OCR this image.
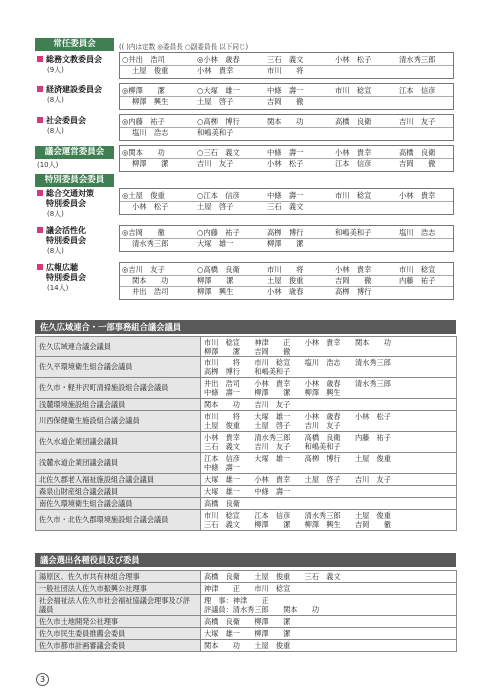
常任委員会	(( )内は定数 ◎委員長 ○副委員長 以下同じ)
総務文教委員会
(9人)
○井出　浩司	◎小林　歳春	三石　義文	小林　松子	清水秀三郎
土屋　俊重	小林　貴幸	市川　　将
経済建設委員会
(8人)
◎柳澤　　潔	○大塚　雄一	中條　壽一	市川　稔宣	江本　信彦
柳澤　興生	土屋　啓子	吉岡　　徹
社会委員会
(8人)
◎内藤　祐子	○高栁　博行	関本　　功	高橋　良衛	吉川　友子
塩川　浩志	和嶋美和子
議会運営委員会
(10人)
◎関本　　功	○三石　義文	中條　壽一	小林　貴幸	高橋　良衛
柳澤　　潔	吉川　友子	小林　松子	江本　信彦	吉岡　　徹
特別委員会委員
総合交通対策
特別委員会
(8人)
◎土屋　俊重	○江本　信彦	中條　壽一	市川　稔宣	小林　貴幸
小林　松子	土屋　啓子	三石　義文
議会活性化
特別委員会
(8人)
◎吉岡　　徹	○内藤　祐子	高栁　博行	和嶋美和子	塩川　浩志
清水秀三郎	大塚　雄一	柳澤　　潔
広報広聴
特別委員会
(14人)
◎吉川　友子	○高橋　良衛	市川　　将	小林　貴幸	市川　稔宣
関本　　功	柳澤　　潔	土屋　俊重	吉岡　　徹	内藤　祐子
井出　浩司	柳澤　興生	小林　歳春	高栁　博行
佐久広域連合・一部事務組合議会議員
佐久広域連合議会議員	市川　稔宣　　神津　　正　　小林　貴幸　　関本　　功
柳澤　　潔　　吉岡　　徹

佐久平環境衛生組合議会議員	市川　　将　　市川　稔宣　　塩川　浩志　　清水秀三郎
高栁　博行　　和嶋美和子

佐久市・軽井沢町清掃施設組合議会議員	井出　浩司　　小林　貴幸　　小林　歳春　　清水秀三郎
中條　壽一　　柳澤　　潔　　柳澤　興生

浅麓環境施設組合議会議員	関本　　功　　吉川　友子

川西保健衛生施設組合議会議員	市川　　将　　大塚　雄一　　小林　歳春　　小林　松子
土屋　俊重　　土屋　啓子　　吉川　友子

佐久水道企業団議会議員	小林　貴幸　　清水秀三郎　　高橋　良衛　　内藤　祐子
三石　義文　　吉川　友子　　和嶋美和子

浅麓水道企業団議会議員	江本　信彦　　大塚　雄一　　高栁　博行　　土屋　俊重
中條　壽一

北佐久郡老人福祉施設組合議会議員	大塚　雄一　　小林　貴幸　　土屋　啓子　　吉川　友子

森泉山財産組合議会議員	大塚　雄一　　中條　壽一

南佐久環境衛生組合議会議員	高橋　良衛

佐久市・北佐久郡環境施設組合議会議員	市川　稔宣　　江本　信彦　　清水秀三郎　　土屋　俊重
三石　義文　　柳澤　　潔　　柳澤　興生　　吉岡　　徹
議会選出各種役員及び委員
湯原区、佐久市共有林組合理事	高橋　良衛　　土屋　俊重　　三石　義文

一般社団法人佐久市振興公社理事	神津　　正　　市川　稔宣

社会福祉法人佐久市社会福祉協議会理事及び評議員	理　事：神津　　正
評議員：清水秀三郎　　関本　　功

佐久市土地開発公社理事	高橋　良衛　　柳澤　　潔

佐久市民生委員推薦会委員	大塚　雄一　　柳澤　　潔

佐久市都市計画審議会委員	関本　　功　　土屋　俊重
3
